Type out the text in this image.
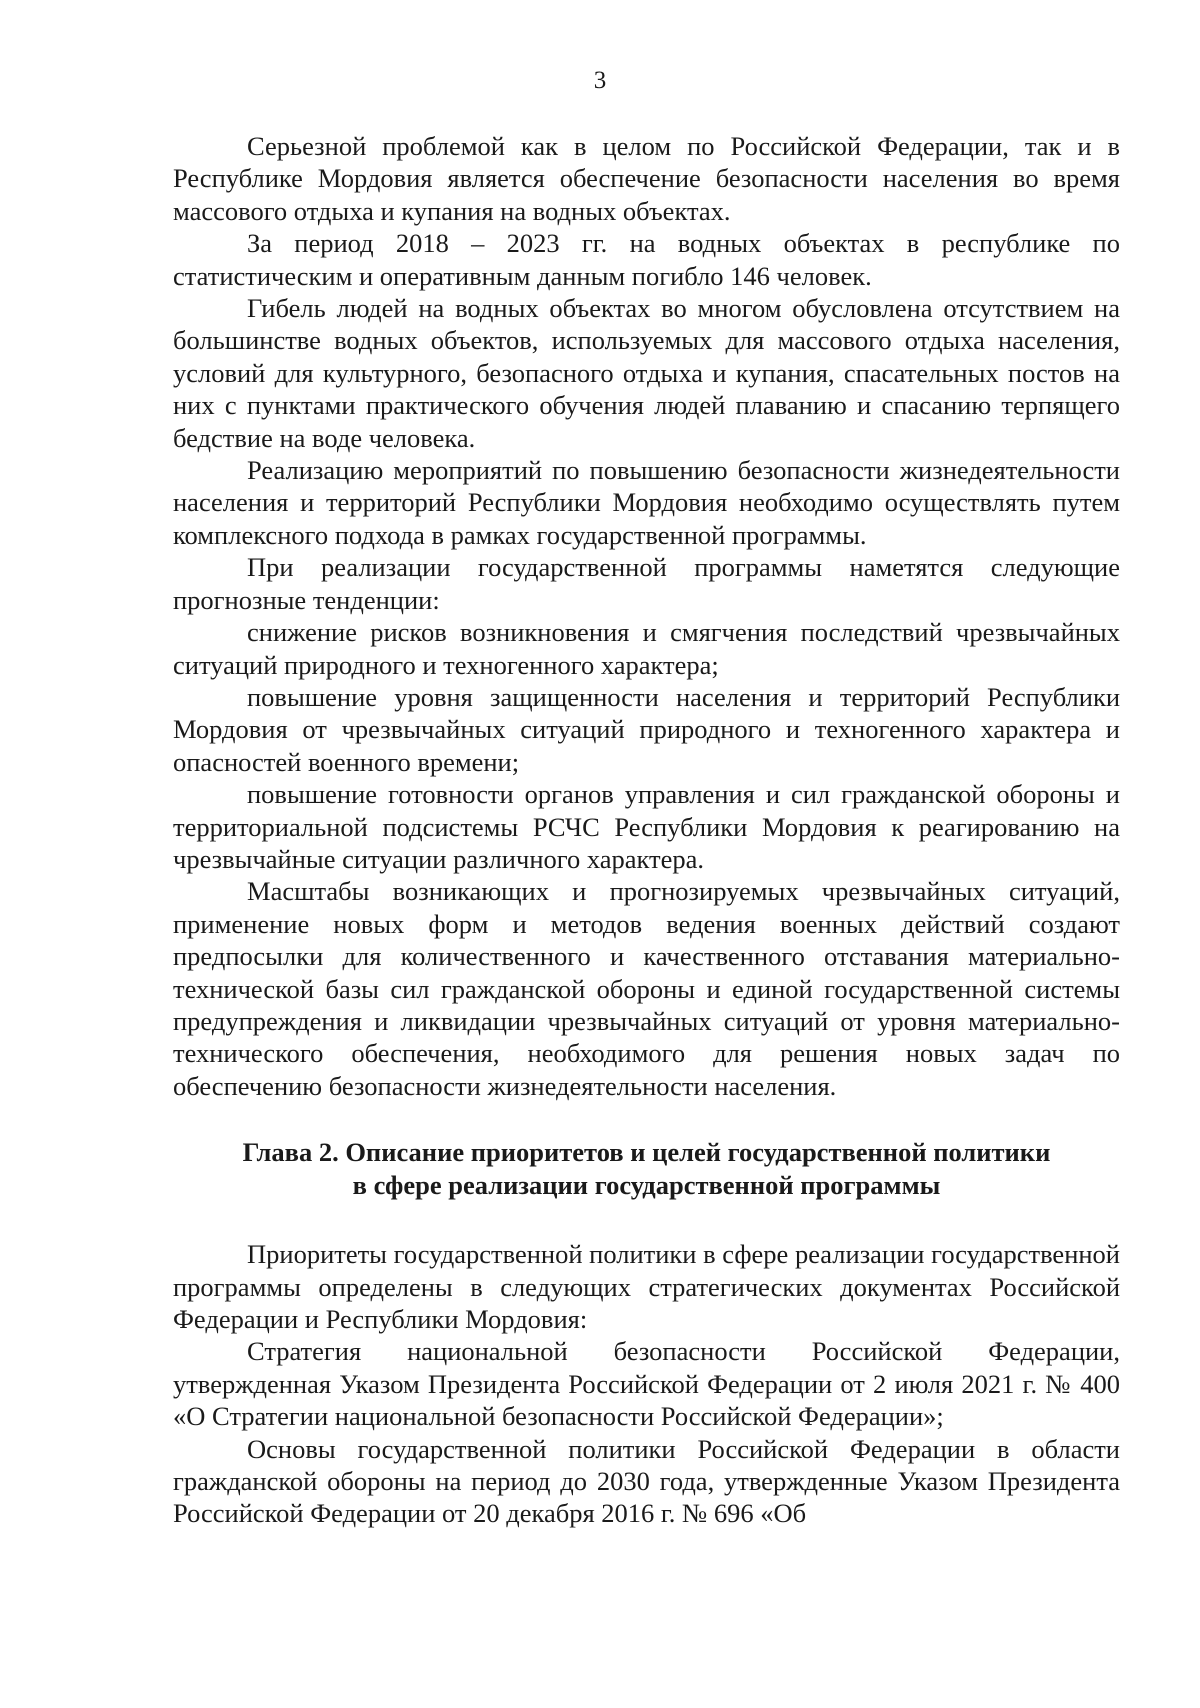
3

Серьезной проблемой как в целом по Российской Федерации, так и в Республике Мордовия является обеспечение безопасности населения во время массового отдыха и купания на водных объектах.

За период 2018 – 2023 гг. на водных объектах в республике по статистическим и оперативным данным погибло 146 человек.

Гибель людей на водных объектах во многом обусловлена отсутствием на большинстве водных объектов, используемых для массового отдыха населения, условий для культурного, безопасного отдыха и купания, спасательных постов на них с пунктами практического обучения людей плаванию и спасанию терпящего бедствие на воде человека.

Реализацию мероприятий по повышению безопасности жизнедеятельности населения и территорий Республики Мордовия необходимо осуществлять путем комплексного подхода в рамках государственной программы.

При реализации государственной программы наметятся следующие прогнозные тенденции:

снижение рисков возникновения и смягчения последствий чрезвычайных ситуаций природного и техногенного характера;

повышение уровня защищенности населения и территорий Республики Мордовия от чрезвычайных ситуаций природного и техногенного характера и опасностей военного времени;

повышение готовности органов управления и сил гражданской обороны и территориальной подсистемы РСЧС Республики Мордовия к реагированию на чрезвычайные ситуации различного характера.

Масштабы возникающих и прогнозируемых чрезвычайных ситуаций, применение новых форм и методов ведения военных действий создают предпосылки для количественного и качественного отставания материально-технической базы сил гражданской обороны и единой государственной системы предупреждения и ликвидации чрезвычайных ситуаций от уровня материально-технического обеспечения, необходимого для решения новых задач по обеспечению безопасности жизнедеятельности населения.

Глава 2. Описание приоритетов и целей государственной политики
в сфере реализации государственной программы

Приоритеты государственной политики в сфере реализации государственной программы определены в следующих стратегических документах Российской Федерации и Республики Мордовия:

Стратегия национальной безопасности Российской Федерации, утвержденная Указом Президента Российской Федерации от 2 июля 2021 г. № 400 «О Стратегии национальной безопасности Российской Федерации»;

Основы государственной политики Российской Федерации в области гражданской обороны на период до 2030 года, утвержденные Указом Президента Российской Федерации от 20 декабря 2016 г. № 696 «Об
